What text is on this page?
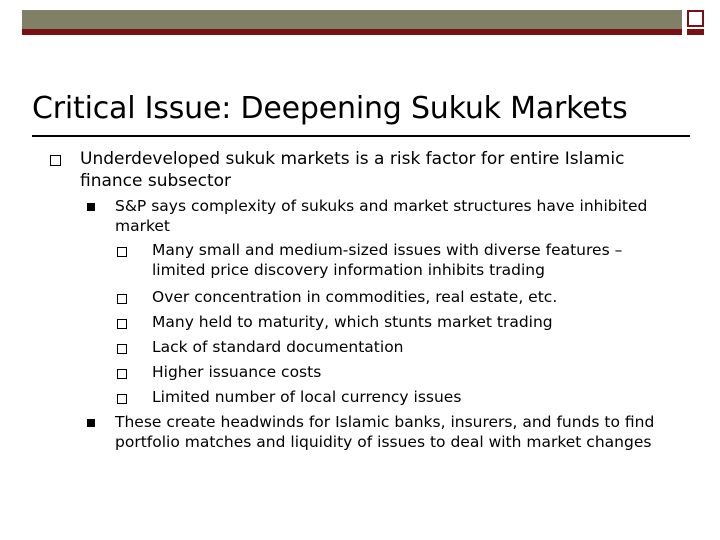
Critical Issue: Deepening Sukuk Markets
Underdeveloped sukuk markets is a risk factor for entire Islamic finance subsector
S&P says complexity of sukuks and market structures have inhibited market
Many small and medium-sized issues with diverse features – limited price discovery information inhibits trading
Over concentration in commodities, real estate, etc.
Many held to maturity, which stunts market trading
Lack of standard documentation
Higher issuance costs
Limited number of local currency issues
These create headwinds for Islamic banks, insurers, and funds to find portfolio matches and liquidity of issues to deal with market changes
